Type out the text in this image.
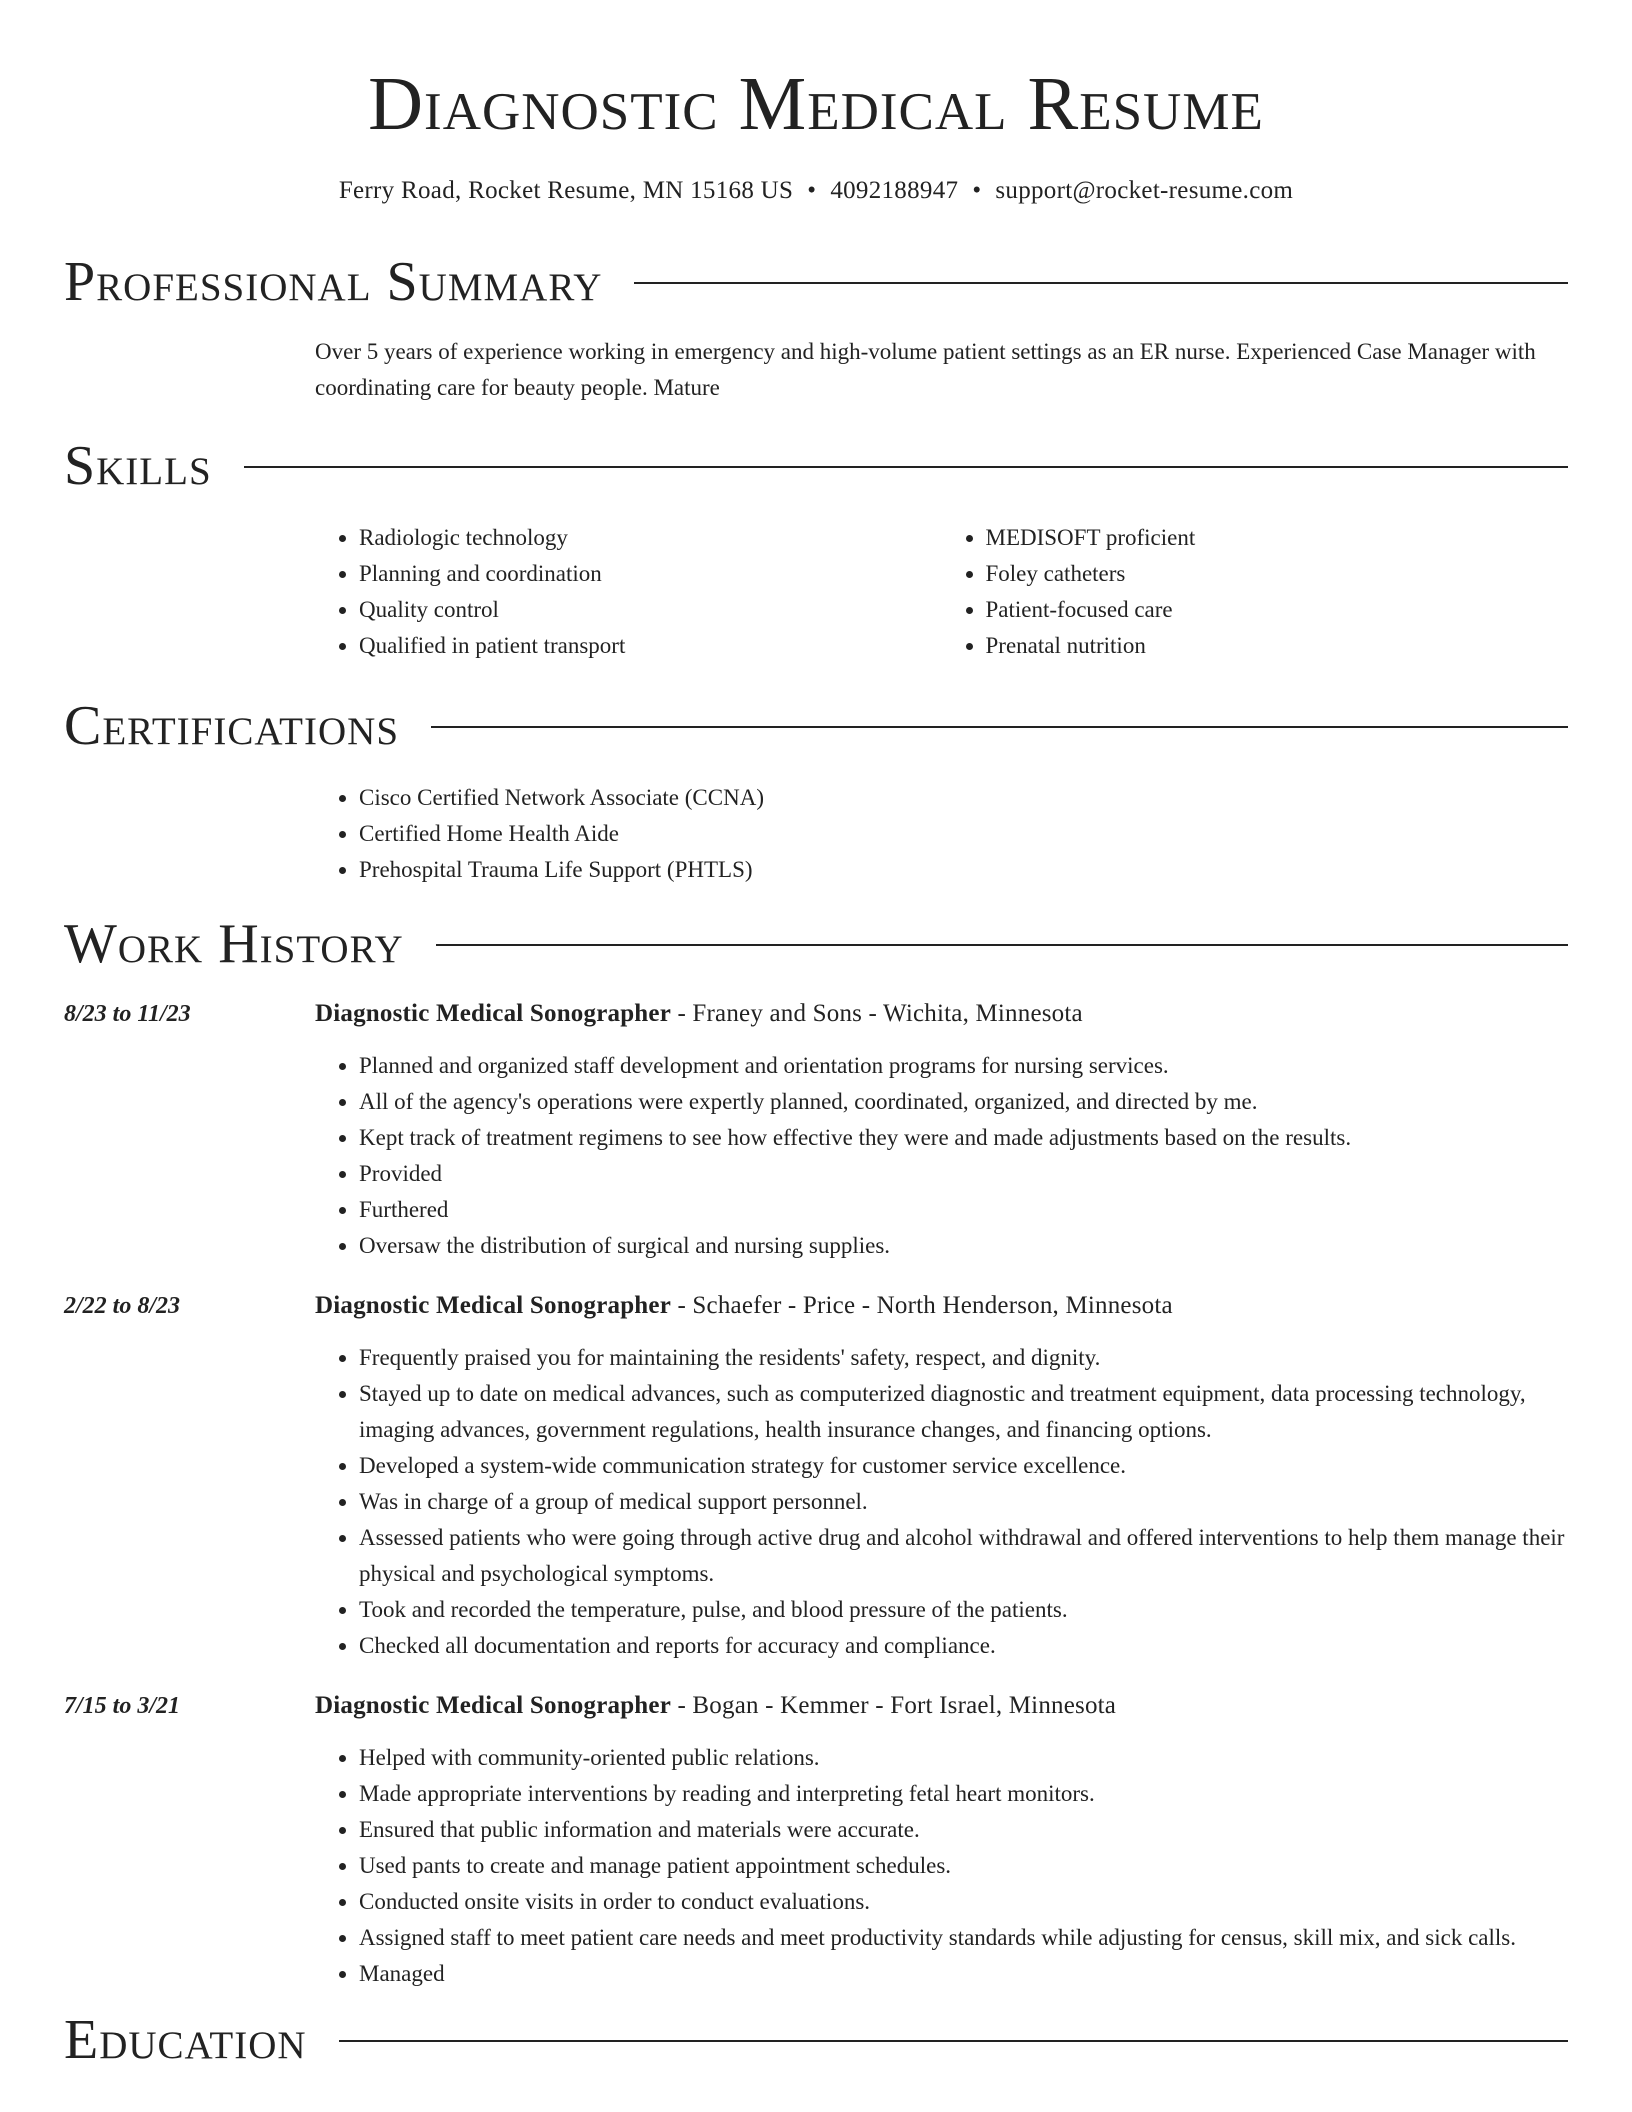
Diagnostic Medical Resume
Ferry Road, Rocket Resume, MN 15168 US • 4092188947 • support@rocket-resume.com
Professional Summary
Over 5 years of experience working in emergency and high-volume patient settings as an ER nurse. Experienced Case Manager with coordinating care for beauty people. Mature
Skills
• Radiologic technology
• Planning and coordination
• Quality control
• Qualified in patient transport
• MEDISOFT proficient
• Foley catheters
• Patient-focused care
• Prenatal nutrition
Certifications
• Cisco Certified Network Associate (CCNA)
• Certified Home Health Aide
• Prehospital Trauma Life Support (PHTLS)
Work History
8/23 to 11/23	Diagnostic Medical Sonographer - Franey and Sons - Wichita, Minnesota
• Planned and organized staff development and orientation programs for nursing services.
• All of the agency's operations were expertly planned, coordinated, organized, and directed by me.
• Kept track of treatment regimens to see how effective they were and made adjustments based on the results.
• Provided
• Furthered
• Oversaw the distribution of surgical and nursing supplies.
2/22 to 8/23	Diagnostic Medical Sonographer - Schaefer - Price - North Henderson, Minnesota
• Frequently praised you for maintaining the residents' safety, respect, and dignity.
• Stayed up to date on medical advances, such as computerized diagnostic and treatment equipment, data processing technology, imaging advances, government regulations, health insurance changes, and financing options.
• Developed a system-wide communication strategy for customer service excellence.
• Was in charge of a group of medical support personnel.
• Assessed patients who were going through active drug and alcohol withdrawal and offered interventions to help them manage their physical and psychological symptoms.
• Took and recorded the temperature, pulse, and blood pressure of the patients.
• Checked all documentation and reports for accuracy and compliance.
7/15 to 3/21	Diagnostic Medical Sonographer - Bogan - Kemmer - Fort Israel, Minnesota
• Helped with community-oriented public relations.
• Made appropriate interventions by reading and interpreting fetal heart monitors.
• Ensured that public information and materials were accurate.
• Used pants to create and manage patient appointment schedules.
• Conducted onsite visits in order to conduct evaluations.
• Assigned staff to meet patient care needs and meet productivity standards while adjusting for census, skill mix, and sick calls.
• Managed
Education
